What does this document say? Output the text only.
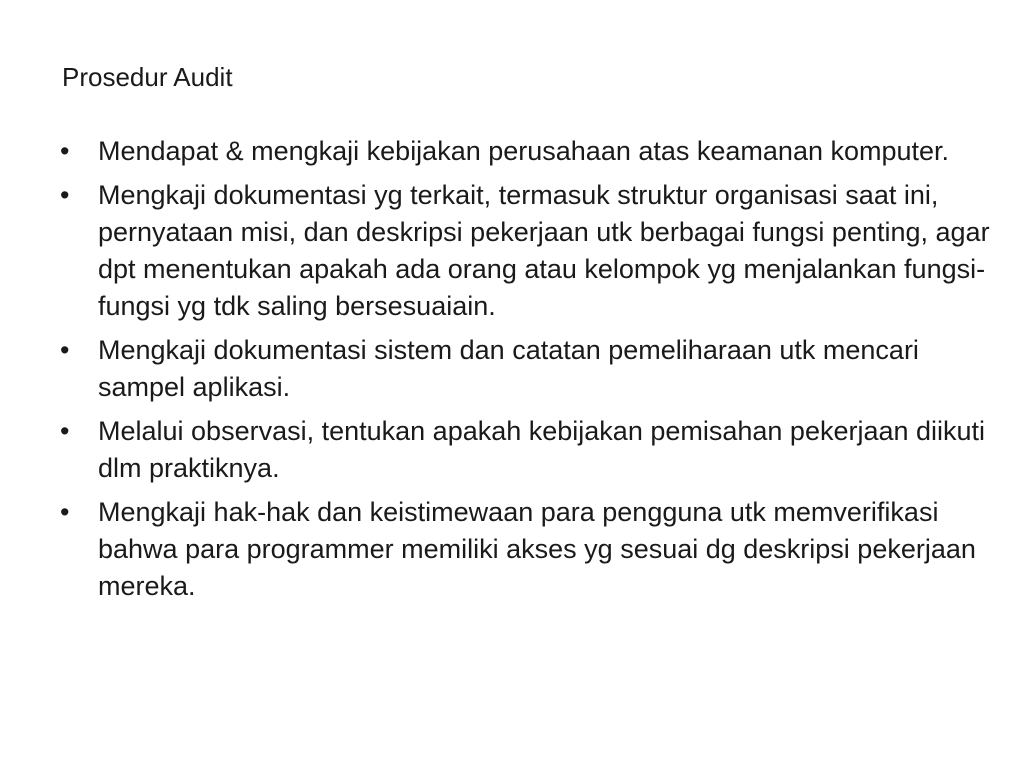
Prosedur Audit
•	Mendapat & mengkaji kebijakan perusahaan atas keamanan komputer.
•	Mengkaji dokumentasi yg terkait, termasuk struktur organisasi saat ini, pernyataan misi, dan deskripsi pekerjaan utk berbagai fungsi penting, agar dpt menentukan apakah ada orang atau kelompok yg menjalankan fungsi-fungsi yg tdk saling bersesuaiain.
•	Mengkaji dokumentasi sistem dan catatan pemeliharaan utk mencari sampel aplikasi.
•	Melalui observasi, tentukan apakah kebijakan pemisahan pekerjaan diikuti dlm praktiknya.
•	Mengkaji hak-hak dan keistimewaan para pengguna utk memverifikasi bahwa para programmer memiliki akses yg sesuai dg deskripsi pekerjaan mereka.
